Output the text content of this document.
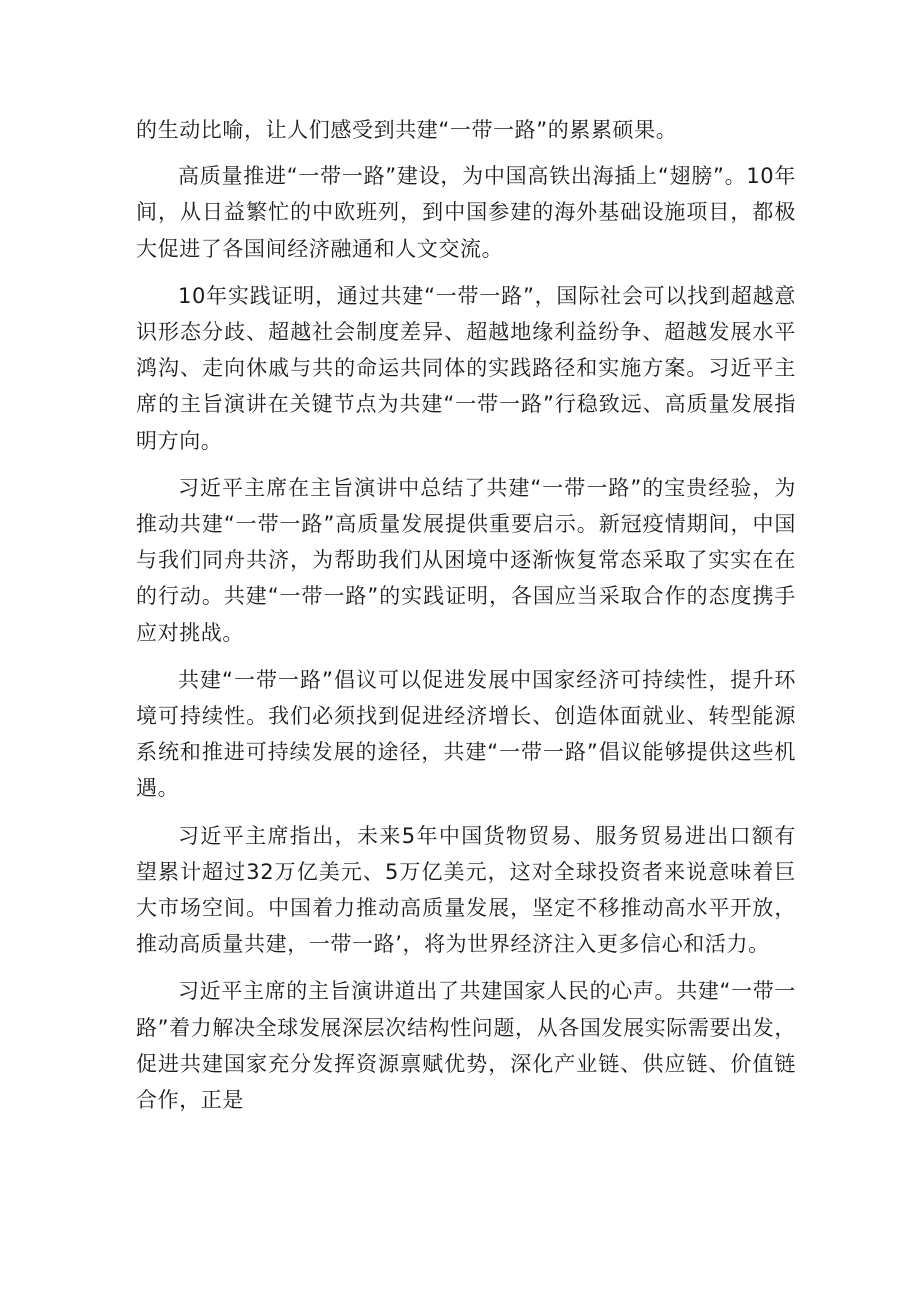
的生动比喻，让人们感受到共建“一带一路”的累累硕果。

高质量推进“一带一路”建设，为中国高铁出海插上“翅膀”。10年间，从日益繁忙的中欧班列，到中国参建的海外基础设施项目，都极大促进了各国间经济融通和人文交流。

10年实践证明，通过共建“一带一路”，国际社会可以找到超越意识形态分歧、超越社会制度差异、超越地缘利益纷争、超越发展水平鸿沟、走向休戚与共的命运共同体的实践路径和实施方案。习近平主席的主旨演讲在关键节点为共建“一带一路”行稳致远、高质量发展指明方向。

习近平主席在主旨演讲中总结了共建“一带一路”的宝贵经验，为推动共建“一带一路”高质量发展提供重要启示。新冠疫情期间，中国与我们同舟共济，为帮助我们从困境中逐渐恢复常态采取了实实在在的行动。共建“一带一路”的实践证明，各国应当采取合作的态度携手应对挑战。

共建“一带一路”倡议可以促进发展中国家经济可持续性，提升环境可持续性。我们必须找到促进经济增长、创造体面就业、转型能源系统和推进可持续发展的途径，共建“一带一路”倡议能够提供这些机遇。

习近平主席指出，未来5年中国货物贸易、服务贸易进出口额有望累计超过32万亿美元、5万亿美元，这对全球投资者来说意味着巨大市场空间。中国着力推动高质量发展，坚定不移推动高水平开放，推动高质量共建，一带一路’，将为世界经济注入更多信心和活力。

习近平主席的主旨演讲道出了共建国家人民的心声。共建“一带一路”着力解决全球发展深层次结构性问题，从各国发展实际需要出发，促进共建国家充分发挥资源禀赋优势，深化产业链、供应链、价值链合作，正是
